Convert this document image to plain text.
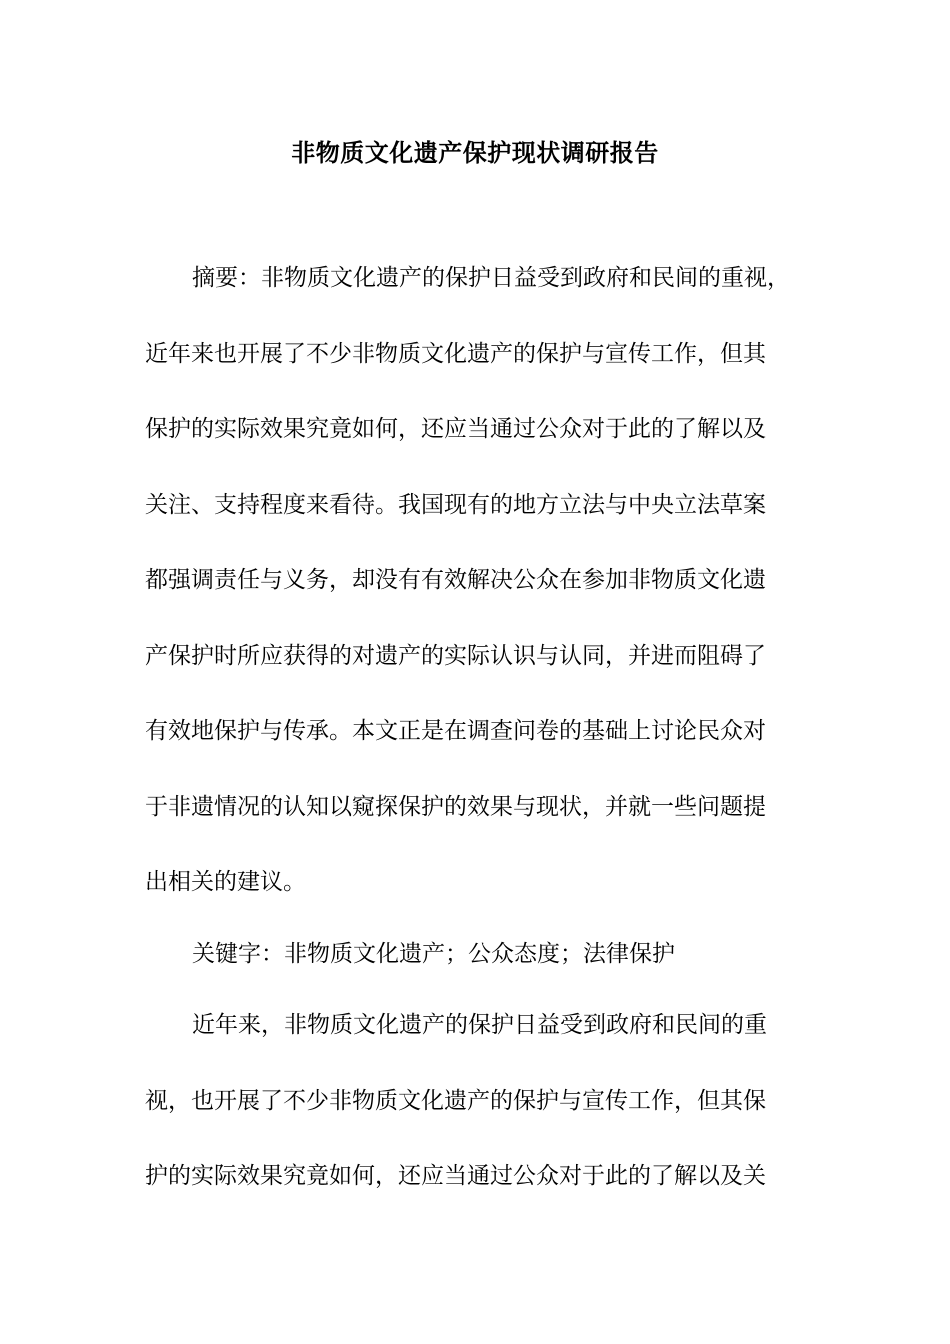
非物质文化遗产保护现状调研报告
摘要：非物质文化遗产的保护日益受到政府和民间的重视，
近年来也开展了不少非物质文化遗产的保护与宣传工作，但其
保护的实际效果究竟如何，还应当通过公众对于此的了解以及
关注、支持程度来看待。我国现有的地方立法与中央立法草案
都强调责任与义务，却没有有效解决公众在参加非物质文化遗
产保护时所应获得的对遗产的实际认识与认同，并进而阻碍了
有效地保护与传承。本文正是在调查问卷的基础上讨论民众对
于非遗情况的认知以窥探保护的效果与现状，并就一些问题提
出相关的建议。
关键字：非物质文化遗产；公众态度；法律保护
近年来，非物质文化遗产的保护日益受到政府和民间的重
视，也开展了不少非物质文化遗产的保护与宣传工作，但其保
护的实际效果究竟如何，还应当通过公众对于此的了解以及关
